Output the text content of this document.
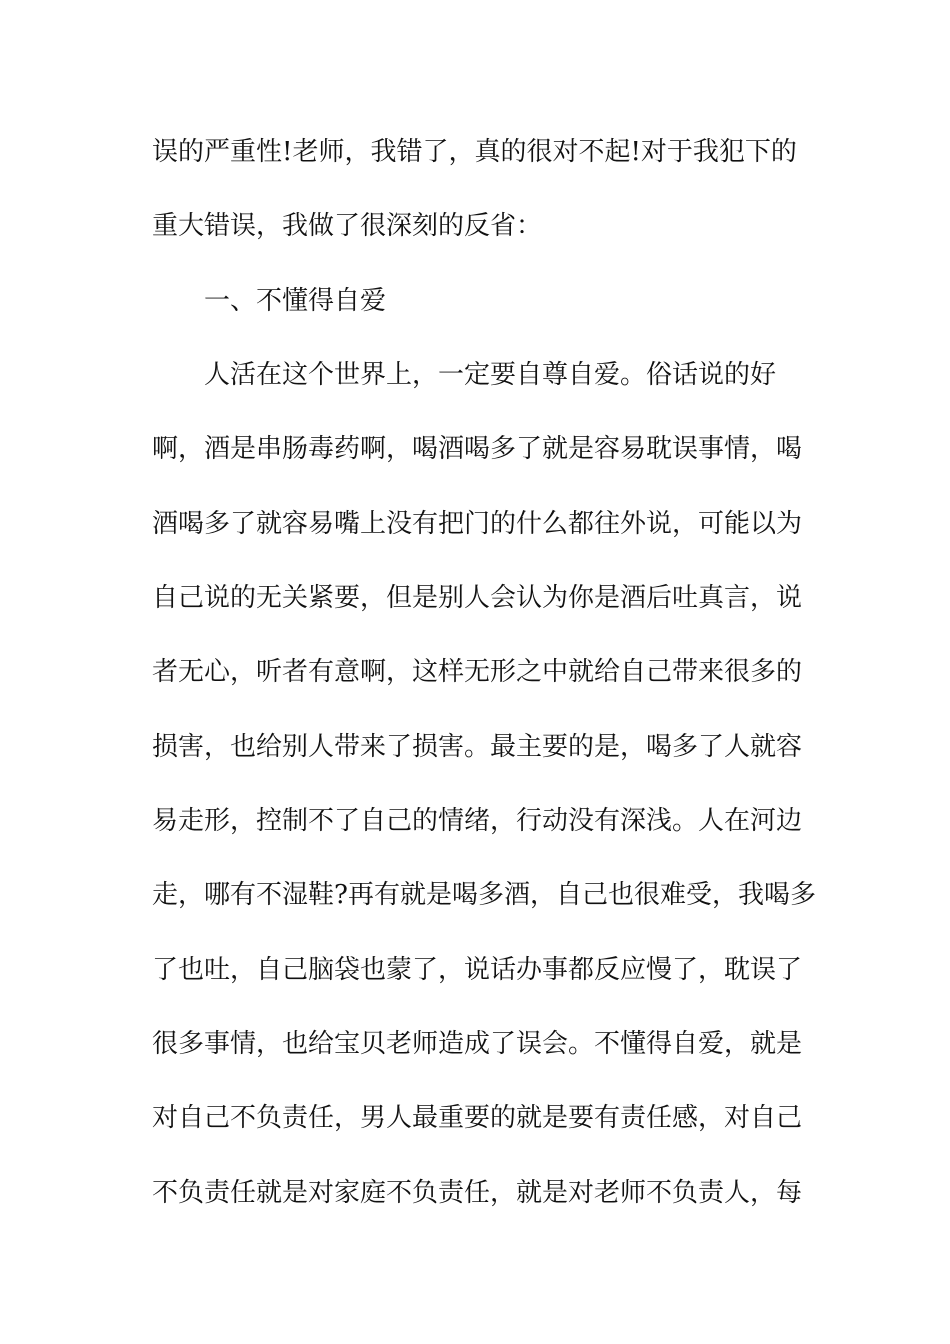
误的严重性!老师，我错了，真的很对不起!对于我犯下的
重大错误，我做了很深刻的反省：
一、不懂得自爱
人活在这个世界上，一定要自尊自爱。俗话说的好
啊，酒是串肠毒药啊，喝酒喝多了就是容易耽误事情，喝
酒喝多了就容易嘴上没有把门的什么都往外说，可能以为
自己说的无关紧要，但是别人会认为你是酒后吐真言，说
者无心，听者有意啊，这样无形之中就给自己带来很多的
损害，也给别人带来了损害。最主要的是，喝多了人就容
易走形，控制不了自己的情绪，行动没有深浅。人在河边
走，哪有不湿鞋?再有就是喝多酒，自己也很难受，我喝多
了也吐，自己脑袋也蒙了，说话办事都反应慢了，耽误了
很多事情，也给宝贝老师造成了误会。不懂得自爱，就是
对自己不负责任，男人最重要的就是要有责任感，对自己
不负责任就是对家庭不负责任，就是对老师不负责人，每
